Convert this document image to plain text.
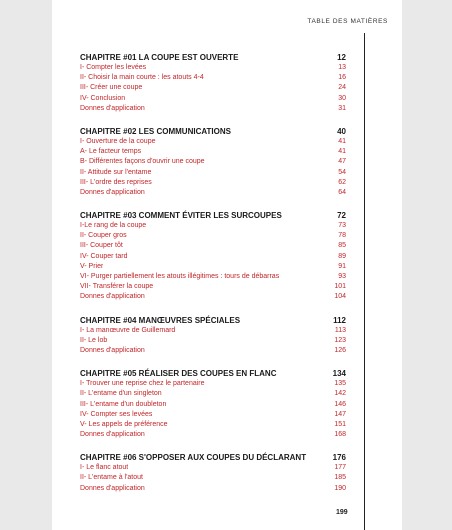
TABLE DES MATIÈRES
CHAPITRE #01 LA COUPE EST OUVERTE	12
I- Compter les levées	13
II- Choisir la main courte : les atouts 4-4	16
III- Créer une coupe	24
IV- Conclusion	30
Donnes d'application	31
CHAPITRE #02 LES COMMUNICATIONS	40
I- Ouverture de la coupe	41
A- Le facteur temps	41
B- Différentes façons d'ouvrir une coupe	47
II- Attitude sur l'entame	54
III- L'ordre des reprises	62
Donnes d'application	64
CHAPITRE #03 COMMENT ÉVITER LES SURCOUPES	72
I-Le rang de la coupe	73
II- Couper gros	78
III- Couper tôt	85
IV- Couper tard	89
V- Prier	91
VI- Purger partiellement les atouts illégitimes : tours de débarras	93
VII- Transférer la coupe	101
Donnes d'application	104
CHAPITRE #04 MANŒUVRES SPÉCIALES	112
I- La manœuvre de Guillemard	113
II- Le lob	123
Donnes d'application	126
CHAPITRE #05 RÉALISER DES COUPES EN FLANC	134
I- Trouver une reprise chez le partenaire	135
II- L'entame d'un singleton	142
III- L'entame d'un doubleton	146
IV- Compter ses levées	147
V- Les appels de préférence	151
Donnes d'application	168
CHAPITRE #06 S'OPPOSER AUX COUPES DU DÉCLARANT	176
I- Le flanc atout	177
II- L'entame à l'atout	185
Donnes d'application	190
199
